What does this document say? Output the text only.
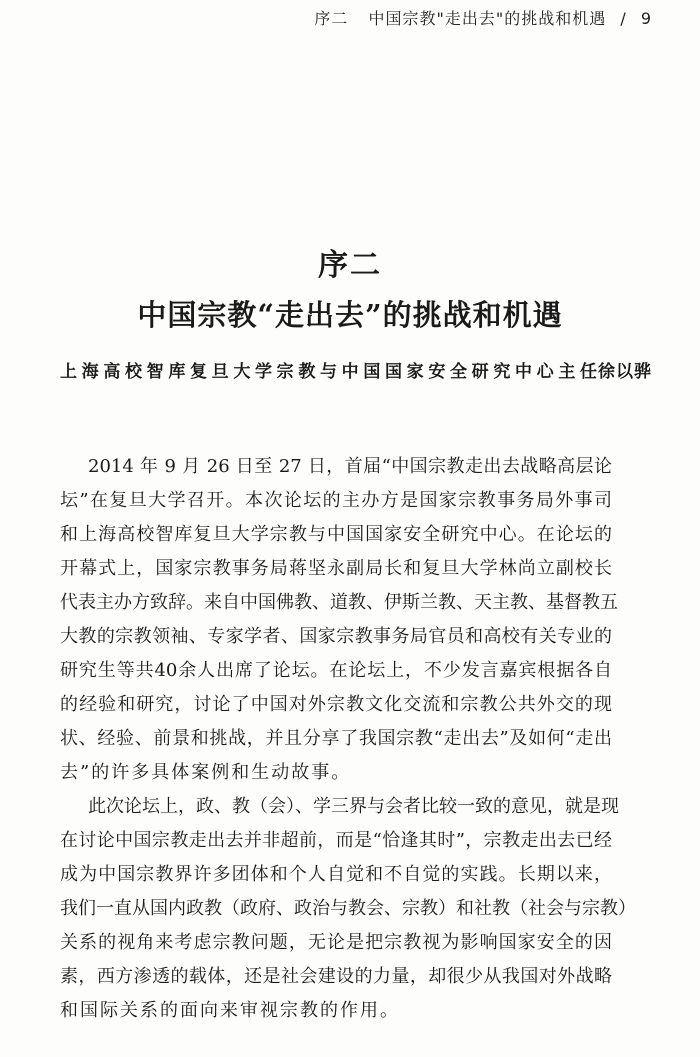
序二 中国宗教"走出去"的挑战和机遇 / 9
序二
中国宗教“走出去”的挑战和机遇
上海高校智库复旦大学宗教与中国国家安全研究中心主任 徐以骅
2014 年 9 月 26 日至 27 日，首届“中国宗教走出去战略高层论
坛”在复旦大学召开。本次论坛的主办方是国家宗教事务局外事司
和上海高校智库复旦大学宗教与中国国家安全研究中心。在论坛的
开幕式上，国家宗教事务局蒋坚永副局长和复旦大学林尚立副校长
代表主办方致辞。来自中国佛教、道教、伊斯兰教、天主教、基督教五
大教的宗教领袖、专家学者、国家宗教事务局官员和高校有关专业的
研究生等共40余人出席了论坛。在论坛上，不少发言嘉宾根据各自
的经验和研究，讨论了中国对外宗教文化交流和宗教公共外交的现
状、经验、前景和挑战，并且分享了我国宗教“走出去”及如何“走出
去”的许多具体案例和生动故事。
此次论坛上，政、教（会）、学三界与会者比较一致的意见，就是现
在讨论中国宗教走出去并非超前，而是“恰逢其时”，宗教走出去已经
成为中国宗教界许多团体和个人自觉和不自觉的实践。长期以来，
我们一直从国内政教（政府、政治与教会、宗教）和社教（社会与宗教）
关系的视角来考虑宗教问题，无论是把宗教视为影响国家安全的因
素，西方渗透的载体，还是社会建设的力量，却很少从我国对外战略
和国际关系的面向来审视宗教的作用。
